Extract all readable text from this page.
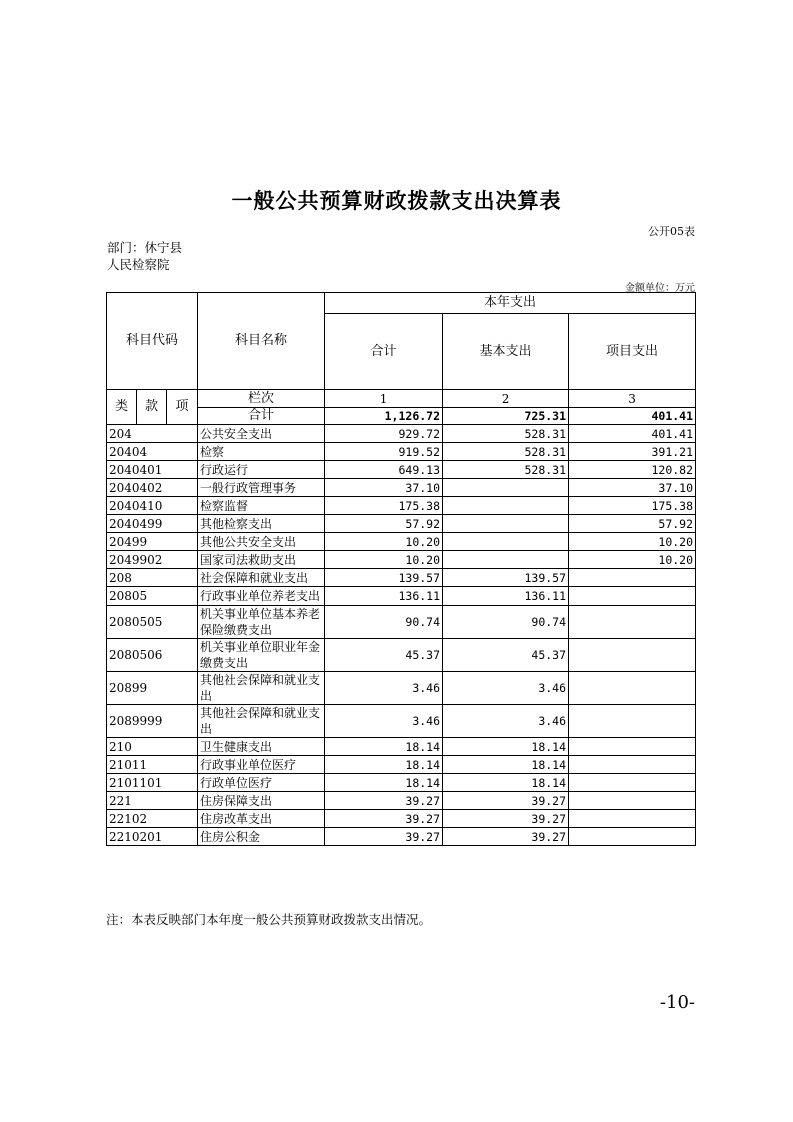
一般公共预算财政拨款支出决算表
公开05表
部门：休宁县人民检察院
金额单位：万元
科目代码			科目名称	本年支出		
				合计	基本支出	项目支出
类	款	项	栏次	1	2	3
			合计	1,126.72	725.31	401.41
204			公共安全支出	929.72	528.31	401.41
20404			检察	919.52	528.31	391.21
2040401			行政运行	649.13	528.31	120.82
2040402			一般行政管理事务	37.10		37.10
2040410			检察监督	175.38		175.38
2040499			其他检察支出	57.92		57.92
20499			其他公共安全支出	10.20		10.20
2049902			国家司法救助支出	10.20		10.20
208			社会保障和就业支出	139.57	139.57	
20805			行政事业单位养老支出	136.11	136.11	
2080505			机关事业单位基本养老保险缴费支出	90.74	90.74	
2080506			机关事业单位职业年金缴费支出	45.37	45.37	
20899			其他社会保障和就业支出	3.46	3.46	
2089999			其他社会保障和就业支出	3.46	3.46	
210			卫生健康支出	18.14	18.14	
21011			行政事业单位医疗	18.14	18.14	
2101101			行政单位医疗	18.14	18.14	
221			住房保障支出	39.27	39.27	
22102			住房改革支出	39.27	39.27	
2210201			住房公积金	39.27	39.27	
注：本表反映部门本年度一般公共预算财政拨款支出情况。
-10-
